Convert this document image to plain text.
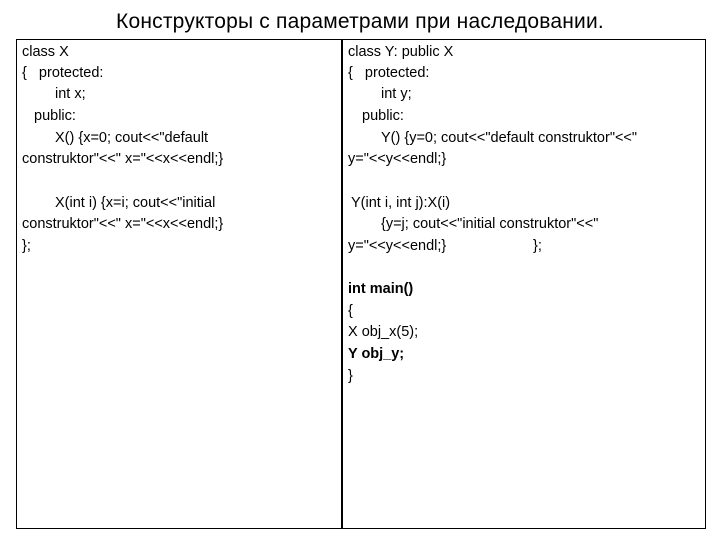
Конструкторы с параметрами при наследовании.
class X
{   protected:
int x;
public:
X() {x=0; cout<<"default
construktor"<<" x="<<x<<endl;}
X(int i) {x=i; cout<<"initial
construktor"<<" x="<<x<<endl;}
};
class Y: public X
{   protected:
int y;
public:
Y() {y=0; cout<<"default construktor"<<"
y="<<y<<endl;}
Y(int i, int j):X(i)
{y=j; cout<<"initial construktor"<<"
y="<<y<<endl;}	};
int main()
{
X obj_x(5);
Y obj_y;
}
